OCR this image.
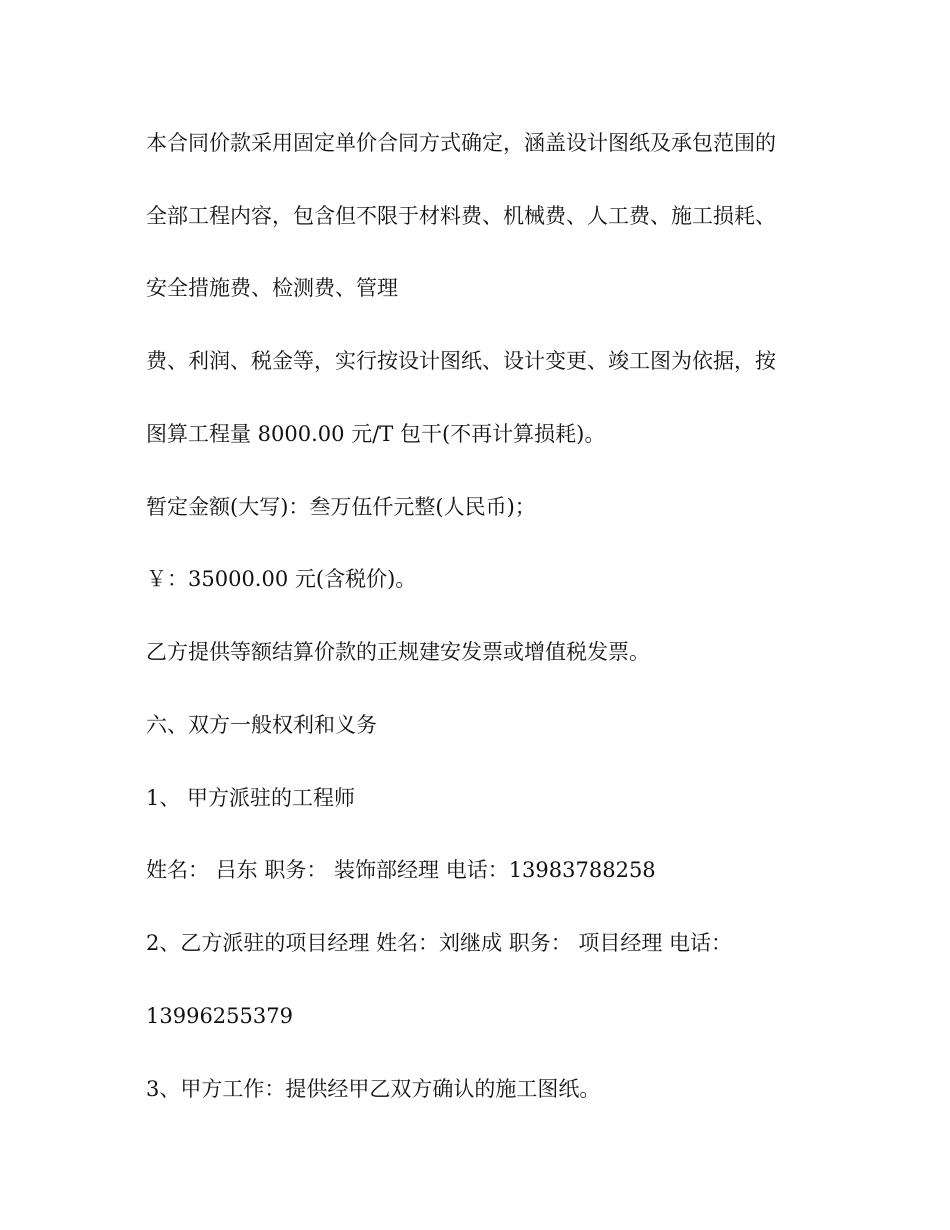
本合同价款采用固定单价合同方式确定，涵盖设计图纸及承包范围的

全部工程内容，包含但不限于材料费、机械费、人工费、施工损耗、

安全措施费、检测费、管理

费、利润、税金等，实行按设计图纸、设计变更、竣工图为依据，按

图算工程量 8000.00 元/T 包干(不再计算损耗)。

暂定金额(大写)：叁万伍仟元整(人民币)；

￥：35000.00 元(含税价)。

乙方提供等额结算价款的正规建安发票或增值税发票。

六、双方一般权利和义务

1、 甲方派驻的工程师

姓名： 吕东 职务： 装饰部经理 电话：13983788258

2、乙方派驻的项目经理 姓名：刘继成 职务： 项目经理 电话：

13996255379

3、甲方工作：提供经甲乙双方确认的施工图纸。
